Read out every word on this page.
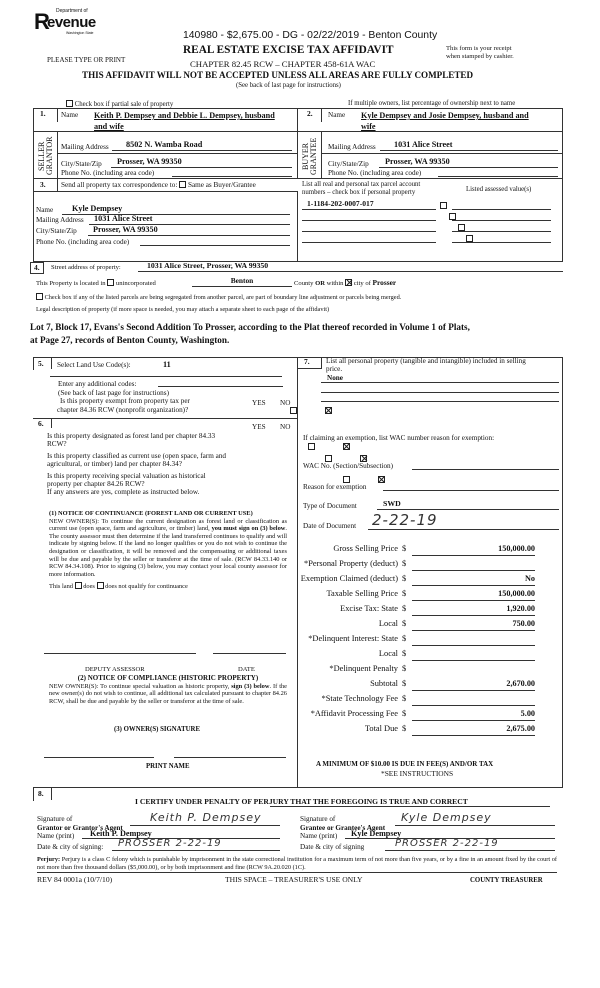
R Department of
evenue
Washington State	140980 - $2,675.00 - DG - 02/22/2019 - Benton County
PLEASE TYPE OR PRINT
REAL ESTATE EXCISE TAX AFFIDAVIT
CHAPTER 82.45 RCW – CHAPTER 458-61A WAC
This form is your receipt
when stamped by cashier.
THIS AFFIDAVIT WILL NOT BE ACCEPTED UNLESS ALL AREAS ARE FULLY COMPLETED
(See back of last page for instructions)
Check box if partial sale of property	If multiple owners, list percentage of ownership next to name
1. Name Keith P. Dempsey and Debbie L. Dempsey, husband
and wife
SELLER GRANTOR Mailing Address	8502 N. Wamba Road
City/State/Zip	Prosser, WA 99350
Phone No. (including area code)
2. Name Kyle Dempsey and Josie Dempsey, husband and
wife
BUYER GRANTEE Mailing Address	1031 Alice Street
City/State/Zip	Prosser, WA 99350
Phone No. (including area code)
3. Send all property tax correspondence to: Same as Buyer/Grantee
Name	Kyle Dempsey
Mailing Address	1031 Alice Street
City/State/Zip	Prosser, WA 99350
Phone No. (including area code)
List all real and personal tax parcel account
numbers – check box if personal property	Listed assessed value(s)
1-1184-202-0007-017

4.	Street address of property:	1031 Alice Street, Prosser, WA 99350
This Property is located in unincorporated	Benton	County OR within city of Prosser
Check box if any of the listed parcels are being segregated from another parcel, are part of boundary line adjustment or parcels being merged.
Legal description of property (if more space is needed, you may attach a separate sheet to each page of the affidavit)
Lot 7, Block 17, Evans's Second Addition To Prosser, according to the Plat thereof recorded in Volume 1 of Plats,
at Page 27, records of Benton County, Washington.
5. Select Land Use Code(s):	11
Enter any additional codes:
(See back of last page for instructions)
Is this property exempt from property tax per
chapter 84.36 RCW (nonprofit organization)?
YES NO

6.	YES NO
Is this property designated as forest land per chapter 84.33
RCW?

Is this property classified as current use (open space, farm and
agricultural, or timber) land per chapter 84.34?

Is this property receiving special valuation as historical
property per chapter 84.26 RCW?
If any answers are yes, complete as instructed below.

(1) NOTICE OF CONTINUANCE (FOREST LAND OR CURRENT USE)
NEW OWNER(S): To continue the current designation as forest land or classification as current use (open space, farm and agriculture, or timber) land, you must sign on (3) below. The county assessor must then determine if the land transferred continues to qualify and will indicate by signing below. If the land no longer qualifies or you do not wish to continue the designation or classification, it will be removed and the compensating or additional taxes will be due and payable by the seller or transferor at the time of sale. (RCW 84.33.140 or RCW 84.34.108). Prior to signing (3) below, you may contact your local county assessor for more information.
This land does does not qualify for continuance
DEPUTY ASSESSOR	DATE
(2) NOTICE OF COMPLIANCE (HISTORIC PROPERTY)
NEW OWNER(S): To continue special valuation as historic property, sign (3) below. If the new owner(s) do not wish to continue, all additional tax calculated pursuant to chapter 84.26 RCW, shall be due and payable by the seller or transferor at the time of sale.
(3) OWNER(S) SIGNATURE
PRINT NAME
7. List all personal property (tangible and intangible) included in selling
price.
None
If claiming an exemption, list WAC number reason for exemption:
WAC No. (Section/Subsection)
Reason for exemption
Type of Document	SWD
Date of Document 2-22-19
Gross Selling Price $	150,000.00
*Personal Property (deduct) $
Exemption Claimed (deduct) $	No
Taxable Selling Price $	150,000.00
Excise Tax: State $	1,920.00
Local $	750.00
*Delinquent Interest: State $
Local $
*Delinquent Penalty $
Subtotal $	2,670.00
*State Technology Fee $
*Affidavit Processing Fee $	5.00
Total Due $	2,675.00
A MINIMUM OF $10.00 IS DUE IN FEE(S) AND/OR TAX
*SEE INSTRUCTIONS
8.
I CERTIFY UNDER PENALTY OF PERJURY THAT THE FOREGOING IS TRUE AND CORRECT
Signature of
Grantor or Grantor's Agent
Keith P. Dempsey
Name (print)	Keith P. Dempsey
Date & city of signing:	PROSSER 2-22-19
Signature of
Grantee or Grantee's Agent
Kyle Dempsey
Name (print)	Kyle Dempsey
Date & city of signing	PROSSER 2-22-19
Perjury: Perjury is a class C felony which is punishable by imprisonment in the state correctional institution for a maximum term of not more than five years, or by a fine in an amount fixed by the court of not more than five thousand dollars ($5,000.00), or by both imprisonment and fine (RCW 9A.20.020 (1C).
REV 84 0001a (10/7/10)	THIS SPACE – TREASURER'S USE ONLY	COUNTY TREASURER
